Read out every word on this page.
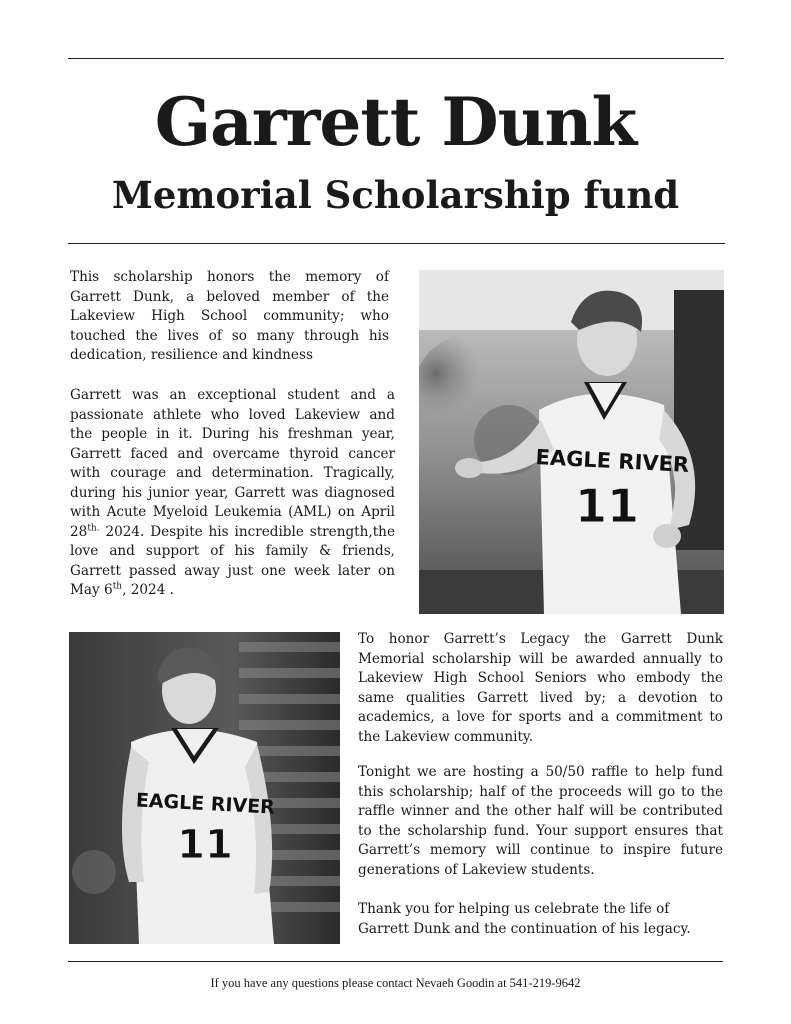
Garrett Dunk
Memorial Scholarship fund

This scholarship honors the memory of Garrett Dunk, a beloved member of the Lakeview High School community; who touched the lives of so many through his dedication, resilience and kindness

Garrett was an exceptional student and a passionate athlete who loved Lakeview and the people in it. During his freshman year, Garrett faced and overcame thyroid cancer with courage and determination. Tragically, during his junior year, Garrett was diagnosed with Acute Myeloid Leukemia (AML) on April $28^{th.}$ 2024. Despite his incredible strength,the love and support of his family & friends, Garrett passed away just one week later on May 6th, 2024 .

EAGLE RIVER
11
EAGLE RIVER
11

To honor Garrett’s Legacy the Garrett Dunk Memorial scholarship will be awarded annually to Lakeview High School Seniors who embody the same qualities Garrett lived by; a devotion to academics, a love for sports and a commitment to the Lakeview community.

Tonight we are hosting a 50/50 raffle to help fund this scholarship; half of the proceeds will go to the raffle winner and the other half will be contributed to the scholarship fund. Your support ensures that Garrett’s memory will continue to inspire future generations of Lakeview students.

Thank you for helping us celebrate the life of Garrett Dunk and the continuation of his legacy.

If you have any questions please contact Nevaeh Goodin at 541-219-9642
